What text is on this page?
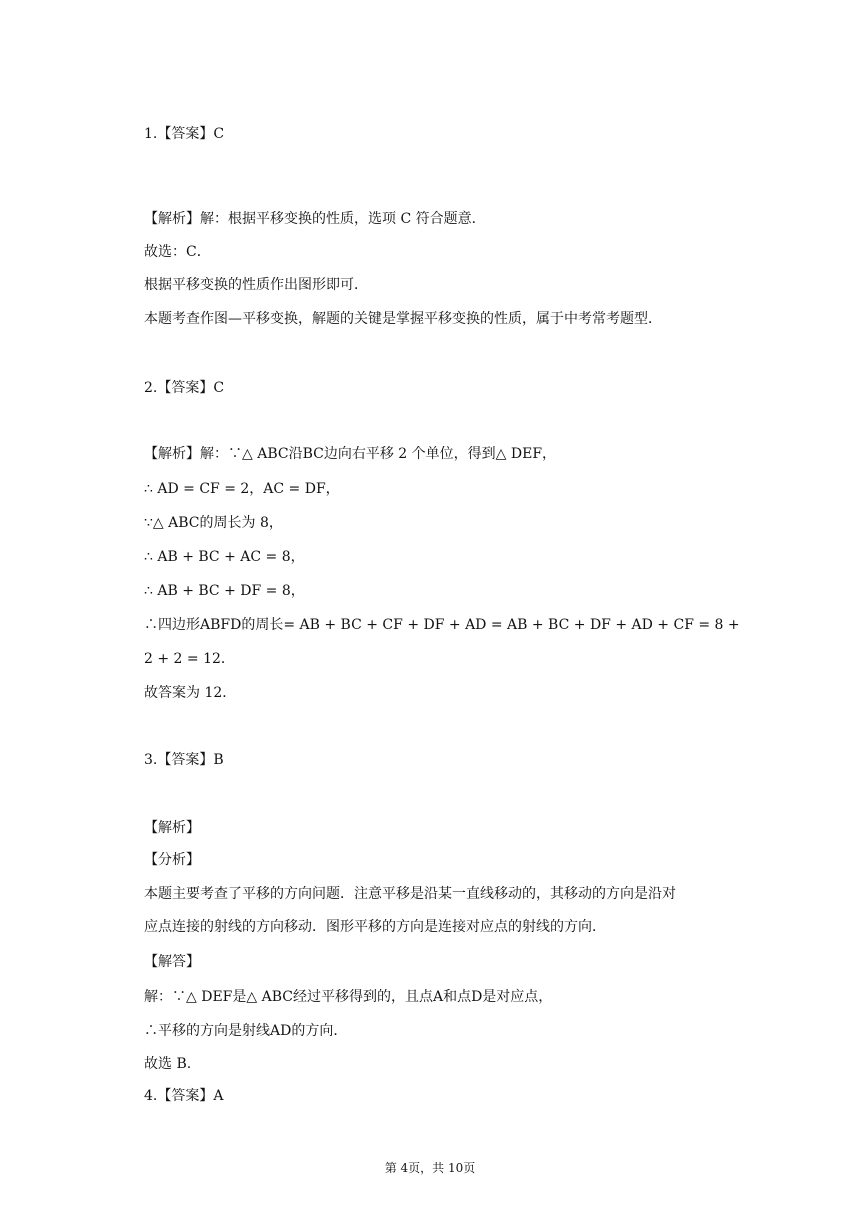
1.【答案】C
【解析】解：根据平移变换的性质，选项 C 符合题意．
故选：C．
根据平移变换的性质作出图形即可．
本题考查作图—平移变换，解题的关键是掌握平移变换的性质，属于中考常考题型．
2.【答案】C
【解析】解：∵△ ABC沿BC边向右平移 2 个单位，得到△ DEF，
∴ AD = CF = 2，AC = DF，
∵△ ABC的周长为 8，
∴ AB + BC + AC = 8，
∴ AB + BC + DF = 8，
∴四边形ABFD的周长= AB + BC + CF + DF + AD = AB + BC + DF + AD + CF = 8 +
2 + 2 = 12．
故答案为 12．
3.【答案】B
【解析】
【分析】
本题主要考查了平移的方向问题．注意平移是沿某一直线移动的，其移动的方向是沿对
应点连接的射线的方向移动．图形平移的方向是连接对应点的射线的方向．
【解答】
解：∵△ DEF是△ ABC经过平移得到的，且点A和点D是对应点，
∴平移的方向是射线AD的方向．
故选 B.
4.【答案】A
第 4页，共 10页
